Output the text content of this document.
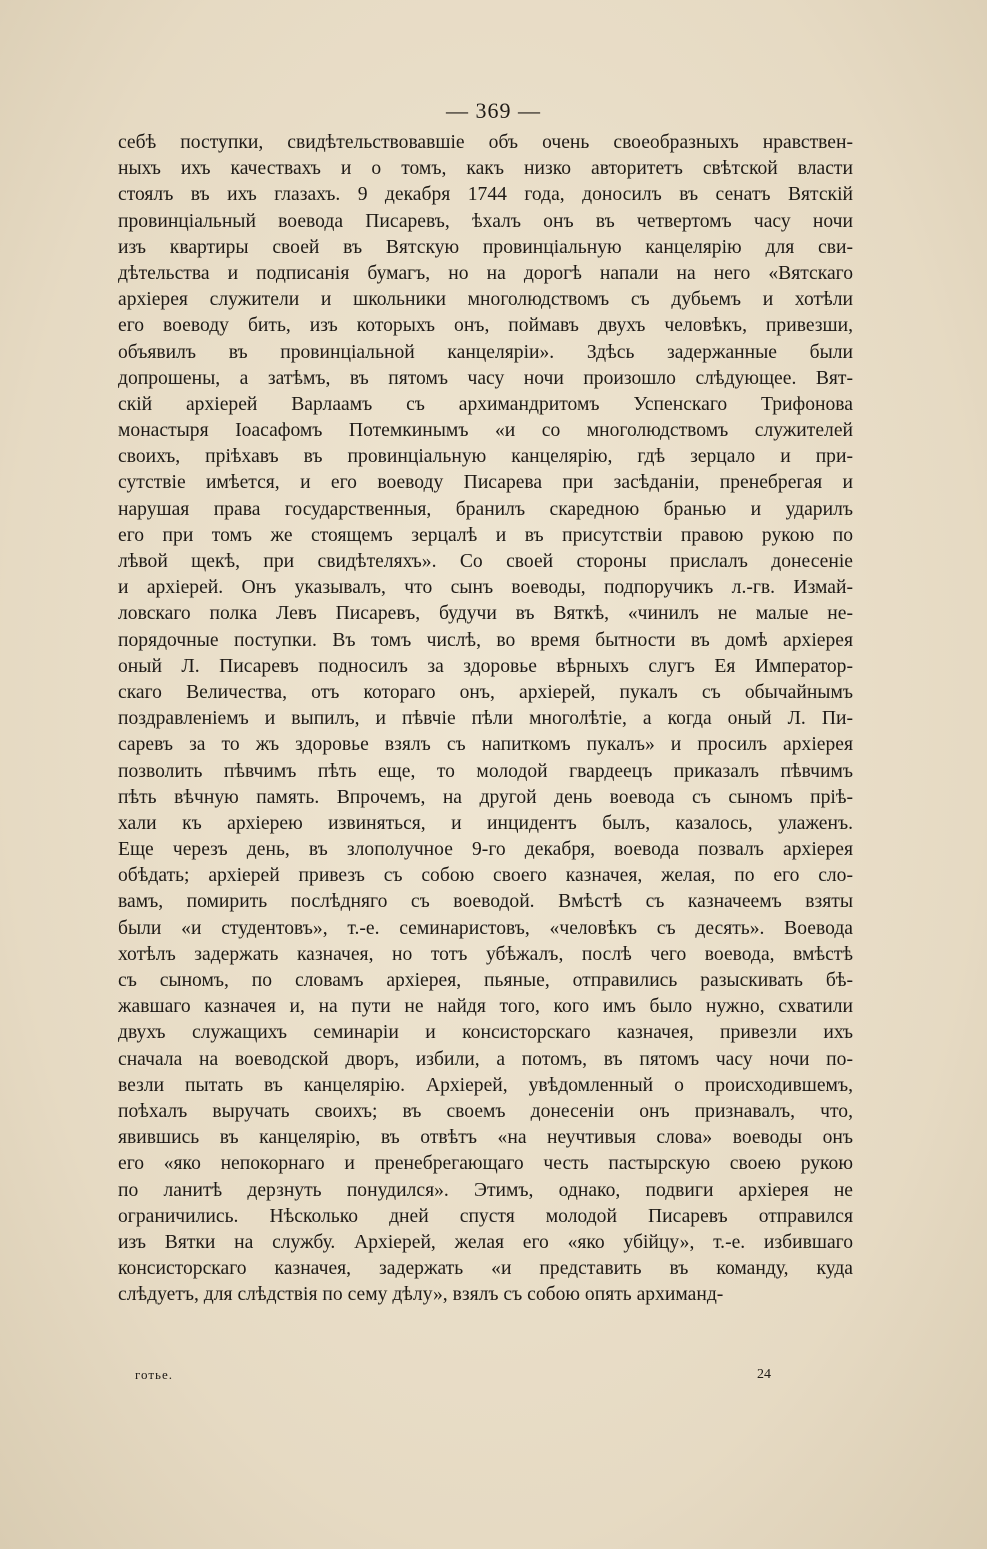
— 369 —
себѣ поступки, свидѣтельствовавшіе объ очень своеобразныхъ нравствен-
ныхъ ихъ качествахъ и о томъ, какъ низко авторитетъ свѣтской власти
стоялъ въ ихъ глазахъ. 9 декабря 1744 года, доносилъ въ сенатъ Вятскій
провинціальный воевода Писаревъ, ѣхалъ онъ въ четвертомъ часу ночи
изъ квартиры своей въ Вятскую провинціальную канцелярію для сви-
дѣтельства и подписанія бумагъ, но на дорогѣ напали на него «Вятскаго
архіерея служители и школьники многолюдствомъ съ дубьемъ и хотѣли
его воеводу бить, изъ которыхъ онъ, поймавъ двухъ человѣкъ, привезши,
объявилъ въ провинціальной канцеляріи». Здѣсь задержанные были
допрошены, а затѣмъ, въ пятомъ часу ночи произошло слѣдующее. Вят-
скій архіерей Варлаамъ съ архимандритомъ Успенскаго Трифонова
монастыря Іоасафомъ Потемкинымъ «и со многолюдствомъ служителей
своихъ, пріѣхавъ въ провинціальную канцелярію, гдѣ зерцало и при-
сутствіе имѣется, и его воеводу Писарева при засѣданіи, пренебрегая и
нарушая права государственныя, бранилъ скаредною бранью и ударилъ
его при томъ же стоящемъ зерцалѣ и въ присутствіи правою рукою по
лѣвой щекѣ, при свидѣтеляхъ». Со своей стороны прислалъ донесеніе
и архіерей. Онъ указывалъ, что сынъ воеводы, подпоручикъ л.-гв. Измай-
ловскаго полка Левъ Писаревъ, будучи въ Вяткѣ, «чинилъ не малые не-
порядочные поступки. Въ томъ числѣ, во время бытности въ домѣ архіерея
оный Л. Писаревъ подносилъ за здоровье вѣрныхъ слугъ Ея Император-
скаго Величества, отъ котораго онъ, архіерей, пукалъ съ обычайнымъ
поздравленіемъ и выпилъ, и пѣвчіе пѣли многолѣтіе, а когда оный Л. Пи-
саревъ за то жъ здоровье взялъ съ напиткомъ пукалъ» и просилъ архіерея
позволить пѣвчимъ пѣть еще, то молодой гвардеецъ приказалъ пѣвчимъ
пѣть вѣчную память. Впрочемъ, на другой день воевода съ сыномъ пріѣ-
хали къ архіерею извиняться, и инцидентъ былъ, казалось, улаженъ.
Еще черезъ день, въ злополучное 9-го декабря, воевода позвалъ архіерея
обѣдать; архіерей привезъ съ собою своего казначея, желая, по его сло-
вамъ, помирить послѣдняго съ воеводой. Вмѣстѣ съ казначеемъ взяты
были «и студентовъ», т.-е. семинаристовъ, «человѣкъ съ десять». Воевода
хотѣлъ задержать казначея, но тотъ убѣжалъ, послѣ чего воевода, вмѣстѣ
съ сыномъ, по словамъ архіерея, пьяные, отправились разыскивать бѣ-
жавшаго казначея и, на пути не найдя того, кого имъ было нужно, схватили
двухъ служащихъ семинаріи и консисторскаго казначея, привезли ихъ
сначала на воеводской дворъ, избили, а потомъ, въ пятомъ часу ночи по-
везли пытать въ канцелярію. Архіерей, увѣдомленный о происходившемъ,
поѣхалъ выручать своихъ; въ своемъ донесеніи онъ признавалъ, что,
явившись въ канцелярію, въ отвѣтъ «на неучтивыя слова» воеводы онъ
его «яко непокорнаго и пренебрегающаго честь пастырскую своею рукою
по ланитѣ дерзнуть понудился». Этимъ, однако, подвиги архіерея не
ограничились. Нѣсколько дней спустя молодой Писаревъ отправился
изъ Вятки на службу. Архіерей, желая его «яко убійцу», т.-е. избившаго
консисторскаго казначея, задержать «и представить въ команду, куда
слѣдуетъ, для слѣдствія по сему дѣлу», взялъ съ собою опять архиманд-
готье.	24
